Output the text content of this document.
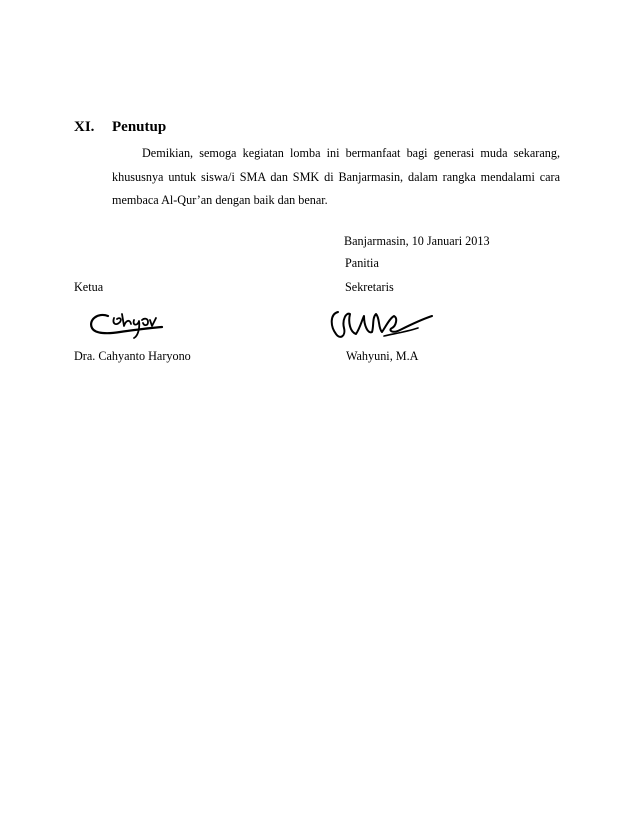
XI. Penutup

Demikian, semoga kegiatan lomba ini bermanfaat bagi generasi muda sekarang, khususnya untuk siswa/i SMA dan SMK di Banjarmasin, dalam rangka mendalami cara membaca Al-Qur’an dengan baik dan benar.

Banjarmasin, 10 Januari 2013
Panitia
Ketua	Sekretaris
Dra. Cahyanto Haryono	Wahyuni, M.A
